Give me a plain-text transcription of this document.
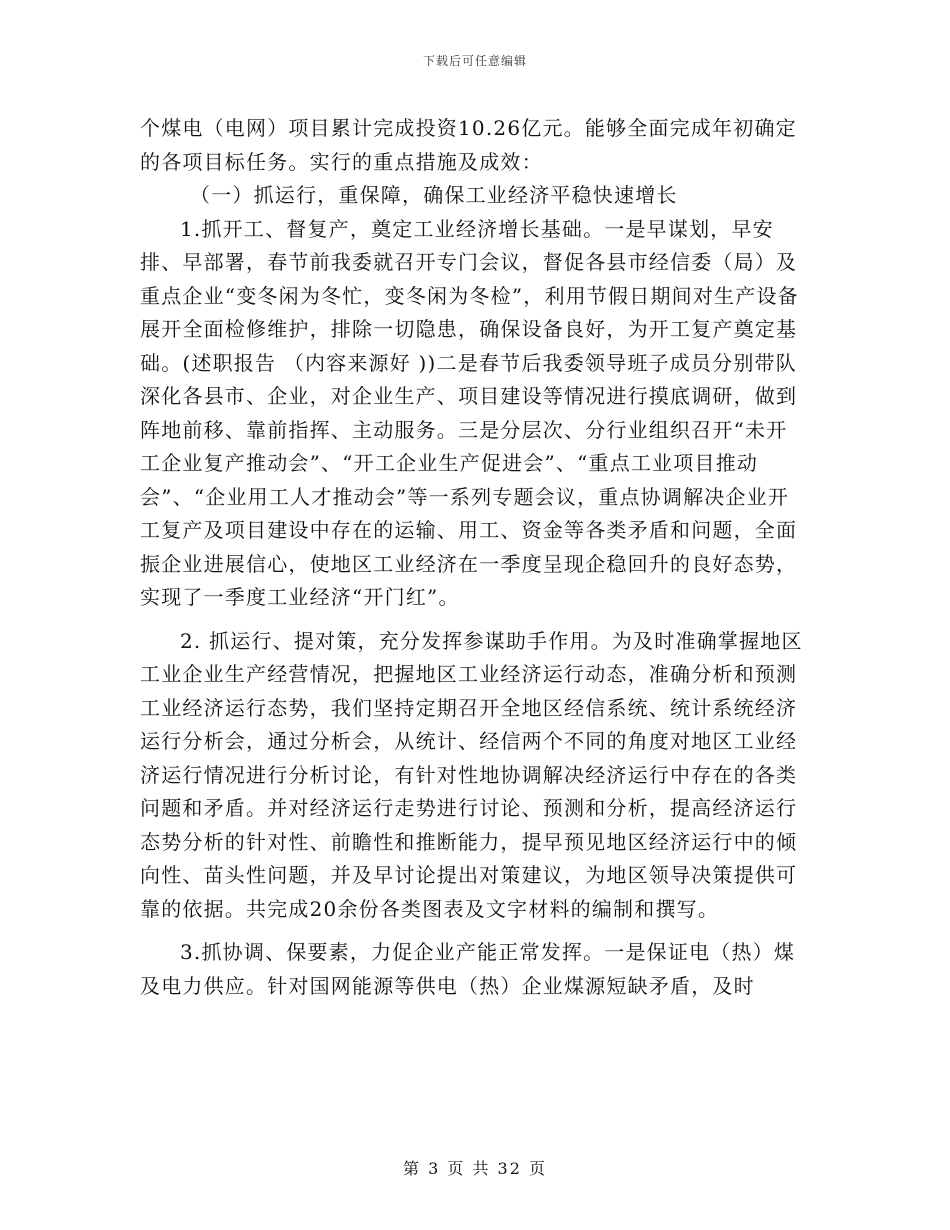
下载后可任意编辑

个煤电（电网）项目累计完成投资10.26亿元。能够全面完成年初确定的各项目标任务。实行的重点措施及成效：

（一）抓运行，重保障，确保工业经济平稳快速增长

1.抓开工、督复产，奠定工业经济增长基础。一是早谋划，早安排、早部署，春节前我委就召开专门会议，督促各县市经信委（局）及重点企业“变冬闲为冬忙，变冬闲为冬检”，利用节假日期间对生产设备展开全面检修维护，排除一切隐患，确保设备良好，为开工复产奠定基础。(述职报告 （内容来源好 ))二是春节后我委领导班子成员分别带队深化各县市、企业，对企业生产、项目建设等情况进行摸底调研，做到阵地前移、靠前指挥、主动服务。三是分层次、分行业组织召开“未开工企业复产推动会”、“开工企业生产促进会”、“重点工业项目推动会”、“企业用工人才推动会”等一系列专题会议，重点协调解决企业开工复产及项目建设中存在的运输、用工、资金等各类矛盾和问题，全面振企业进展信心，使地区工业经济在一季度呈现企稳回升的良好态势，实现了一季度工业经济“开门红”。

2. 抓运行、提对策，充分发挥参谋助手作用。为及时准确掌握地区工业企业生产经营情况，把握地区工业经济运行动态，准确分析和预测工业经济运行态势，我们坚持定期召开全地区经信系统、统计系统经济运行分析会，通过分析会，从统计、经信两个不同的角度对地区工业经济运行情况进行分析讨论，有针对性地协调解决经济运行中存在的各类问题和矛盾。并对经济运行走势进行讨论、预测和分析，提高经济运行态势分析的针对性、前瞻性和推断能力，提早预见地区经济运行中的倾向性、苗头性问题，并及早讨论提出对策建议，为地区领导决策提供可靠的依据。共完成20余份各类图表及文字材料的编制和撰写。

3.抓协调、保要素，力促企业产能正常发挥。一是保证电（热）煤及电力供应。针对国网能源等供电（热）企业煤源短缺矛盾，及时

第 3 页 共 32 页
